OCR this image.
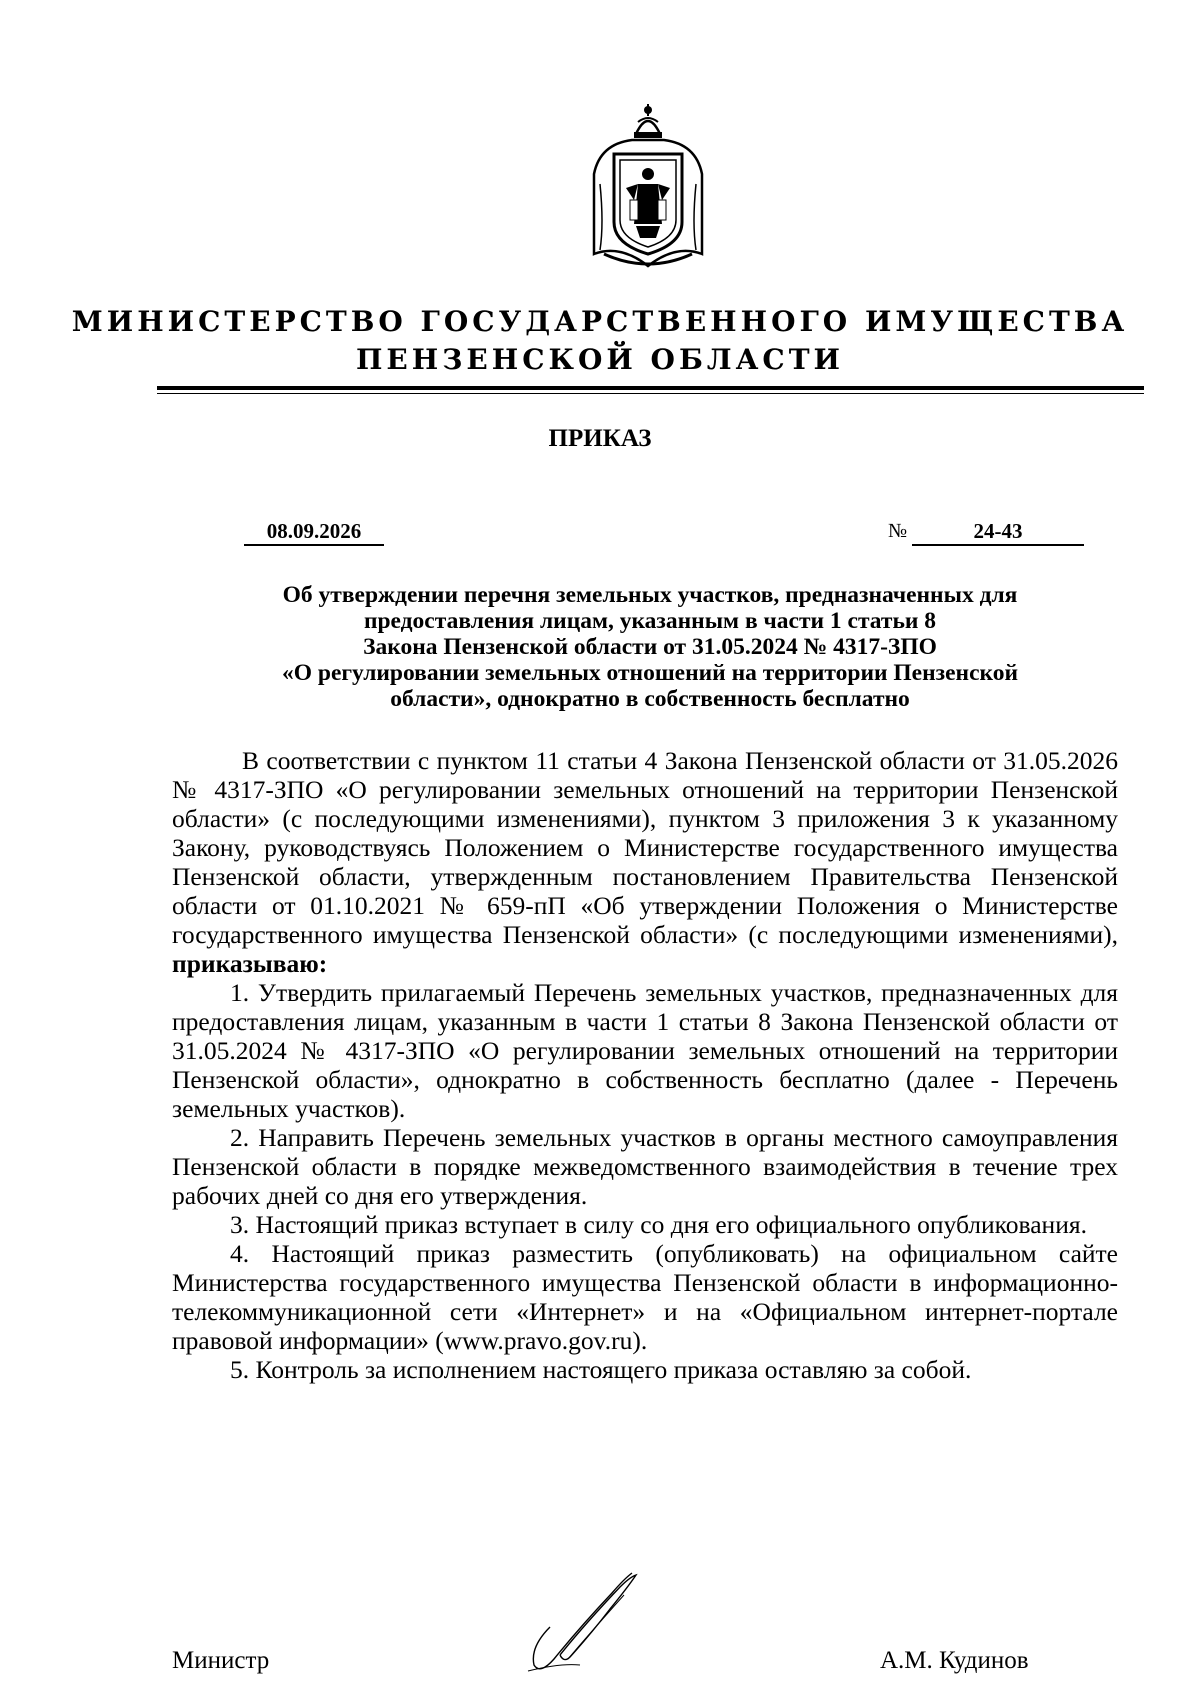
МИНИСТЕРСТВО ГОСУДАРСТВЕННОГО ИМУЩЕСТВА
ПЕНЗЕНСКОЙ ОБЛАСТИ
ПРИКАЗ
08.09.2026	№	24-43
Об утверждении перечня земельных участков, предназначенных для
предоставления лицам, указанным в части 1 статьи 8
Закона Пензенской области от 31.05.2024 № 4317-ЗПО
«О регулировании земельных отношений на территории Пензенской
области», однократно в собственность бесплатно

В соответствии с пунктом 11 статьи 4 Закона Пензенской области от 31.05.2026 № 4317-ЗПО «О регулировании земельных отношений на территории Пензенской области» (с последующими изменениями), пунктом 3 приложения 3 к указанному Закону, руководствуясь Положением о Министерстве государственного имущества Пензенской области, утвержденным постановлением Правительства Пензенской области от 01.10.2021 № 659-пП «Об утверждении Положения о Министерстве государственного имущества Пензенской области» (с последующими изменениями), приказываю:

1. Утвердить прилагаемый Перечень земельных участков, предназначенных для предоставления лицам, указанным в части 1 статьи 8 Закона Пензенской области от 31.05.2024 № 4317-ЗПО «О регулировании земельных отношений на территории Пензенской области», однократно в собственность бесплатно (далее - Перечень земельных участков).

2. Направить Перечень земельных участков в органы местного самоуправления Пензенской области в порядке межведомственного взаимодействия в течение трех рабочих дней со дня его утверждения.

3. Настоящий приказ вступает в силу со дня его официального опубликования.

4. Настоящий приказ разместить (опубликовать) на официальном сайте Министерства государственного имущества Пензенской области в информационно-телекоммуникационной сети «Интернет» и на «Официальном интернет-портале правовой информации» (www.pravo.gov.ru).

5. Контроль за исполнением настоящего приказа оставляю за собой.

Министр	А.М. Кудинов
